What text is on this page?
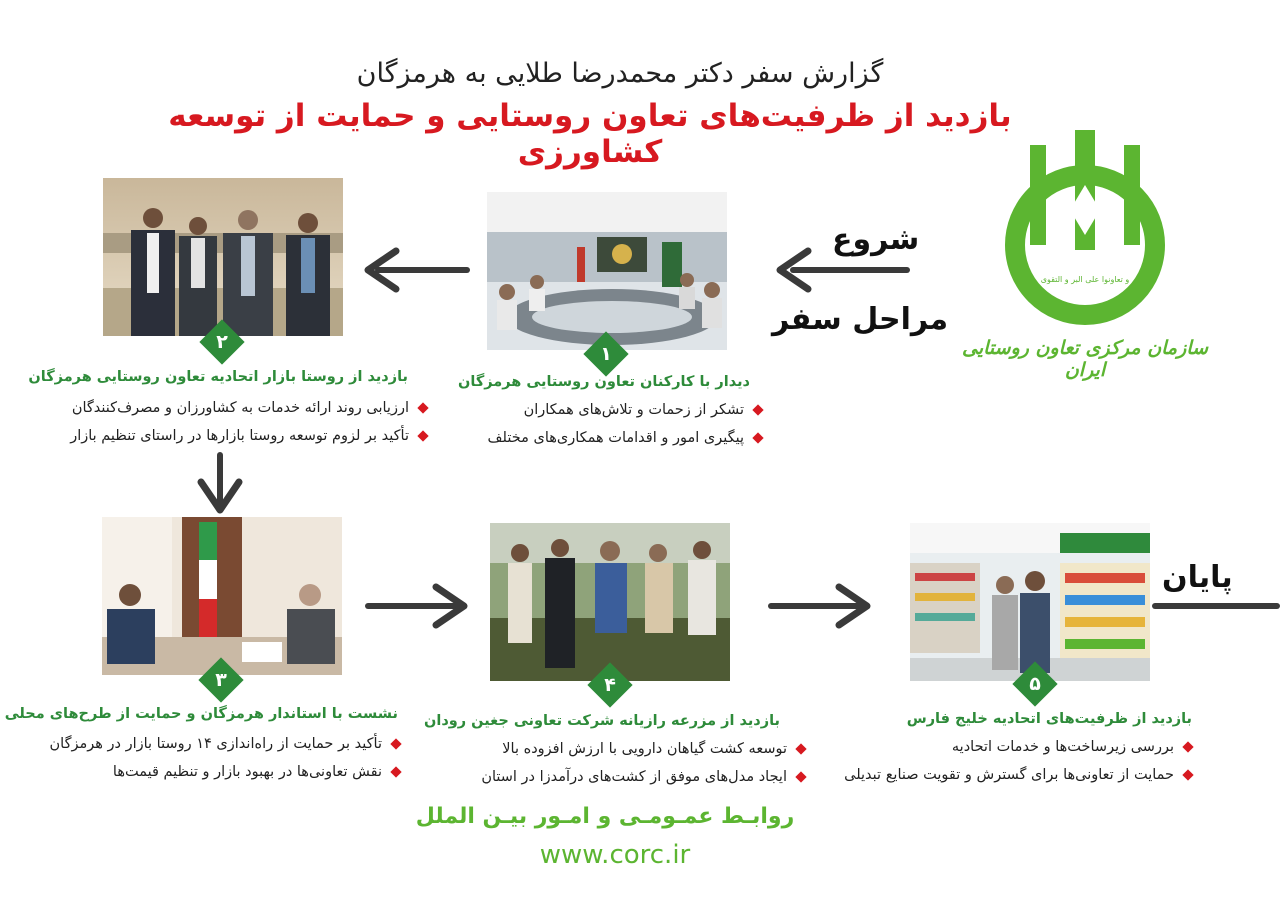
گزارش سفر دکتر محمدرضا طلایی به هرمزگان
بازدید از ظرفیت‌های تعاون روستایی و حمایت از توسعه کشاورزی
و تعاونوا علی البر و التقوی
سازمان مرکزی تعاون روستایی ایران
شروع
مراحل سفر
۱
دیدار با کارکنان تعاون روستایی هرمزگان
تشکر از زحمات و تلاش‌های همکاران
پیگیری امور و اقدامات همکاری‌های مختلف
۲
بازدید از روستا بازار اتحادیه تعاون روستایی هرمزگان
ارزیابی روند ارائه خدمات به کشاورزان و مصرف‌کنندگان
تأکید بر لزوم توسعه روستا بازارها در راستای تنظیم بازار
۳
نشست با استاندار هرمزگان و حمایت از طرح‌های محلی
تأکید بر حمایت از راه‌اندازی ۱۴ روستا بازار در هرمزگان
نقش تعاونی‌ها در بهبود بازار و تنظیم قیمت‌ها
۴
بازدید از مزرعه رازیانه شرکت تعاونی جغین رودان
توسعه کشت گیاهان دارویی با ارزش افزوده بالا
ایجاد مدل‌های موفق از کشت‌های درآمدزا در استان
۵
بازدید از ظرفیت‌های اتحادیه خلیج فارس
بررسی زیرساخت‌ها و خدمات اتحادیه
حمایت از تعاونی‌ها برای گسترش و تقویت صنایع تبدیلی
پایان
روابـط عمـومـی و امـور بیـن الملل
www.corc.ir
